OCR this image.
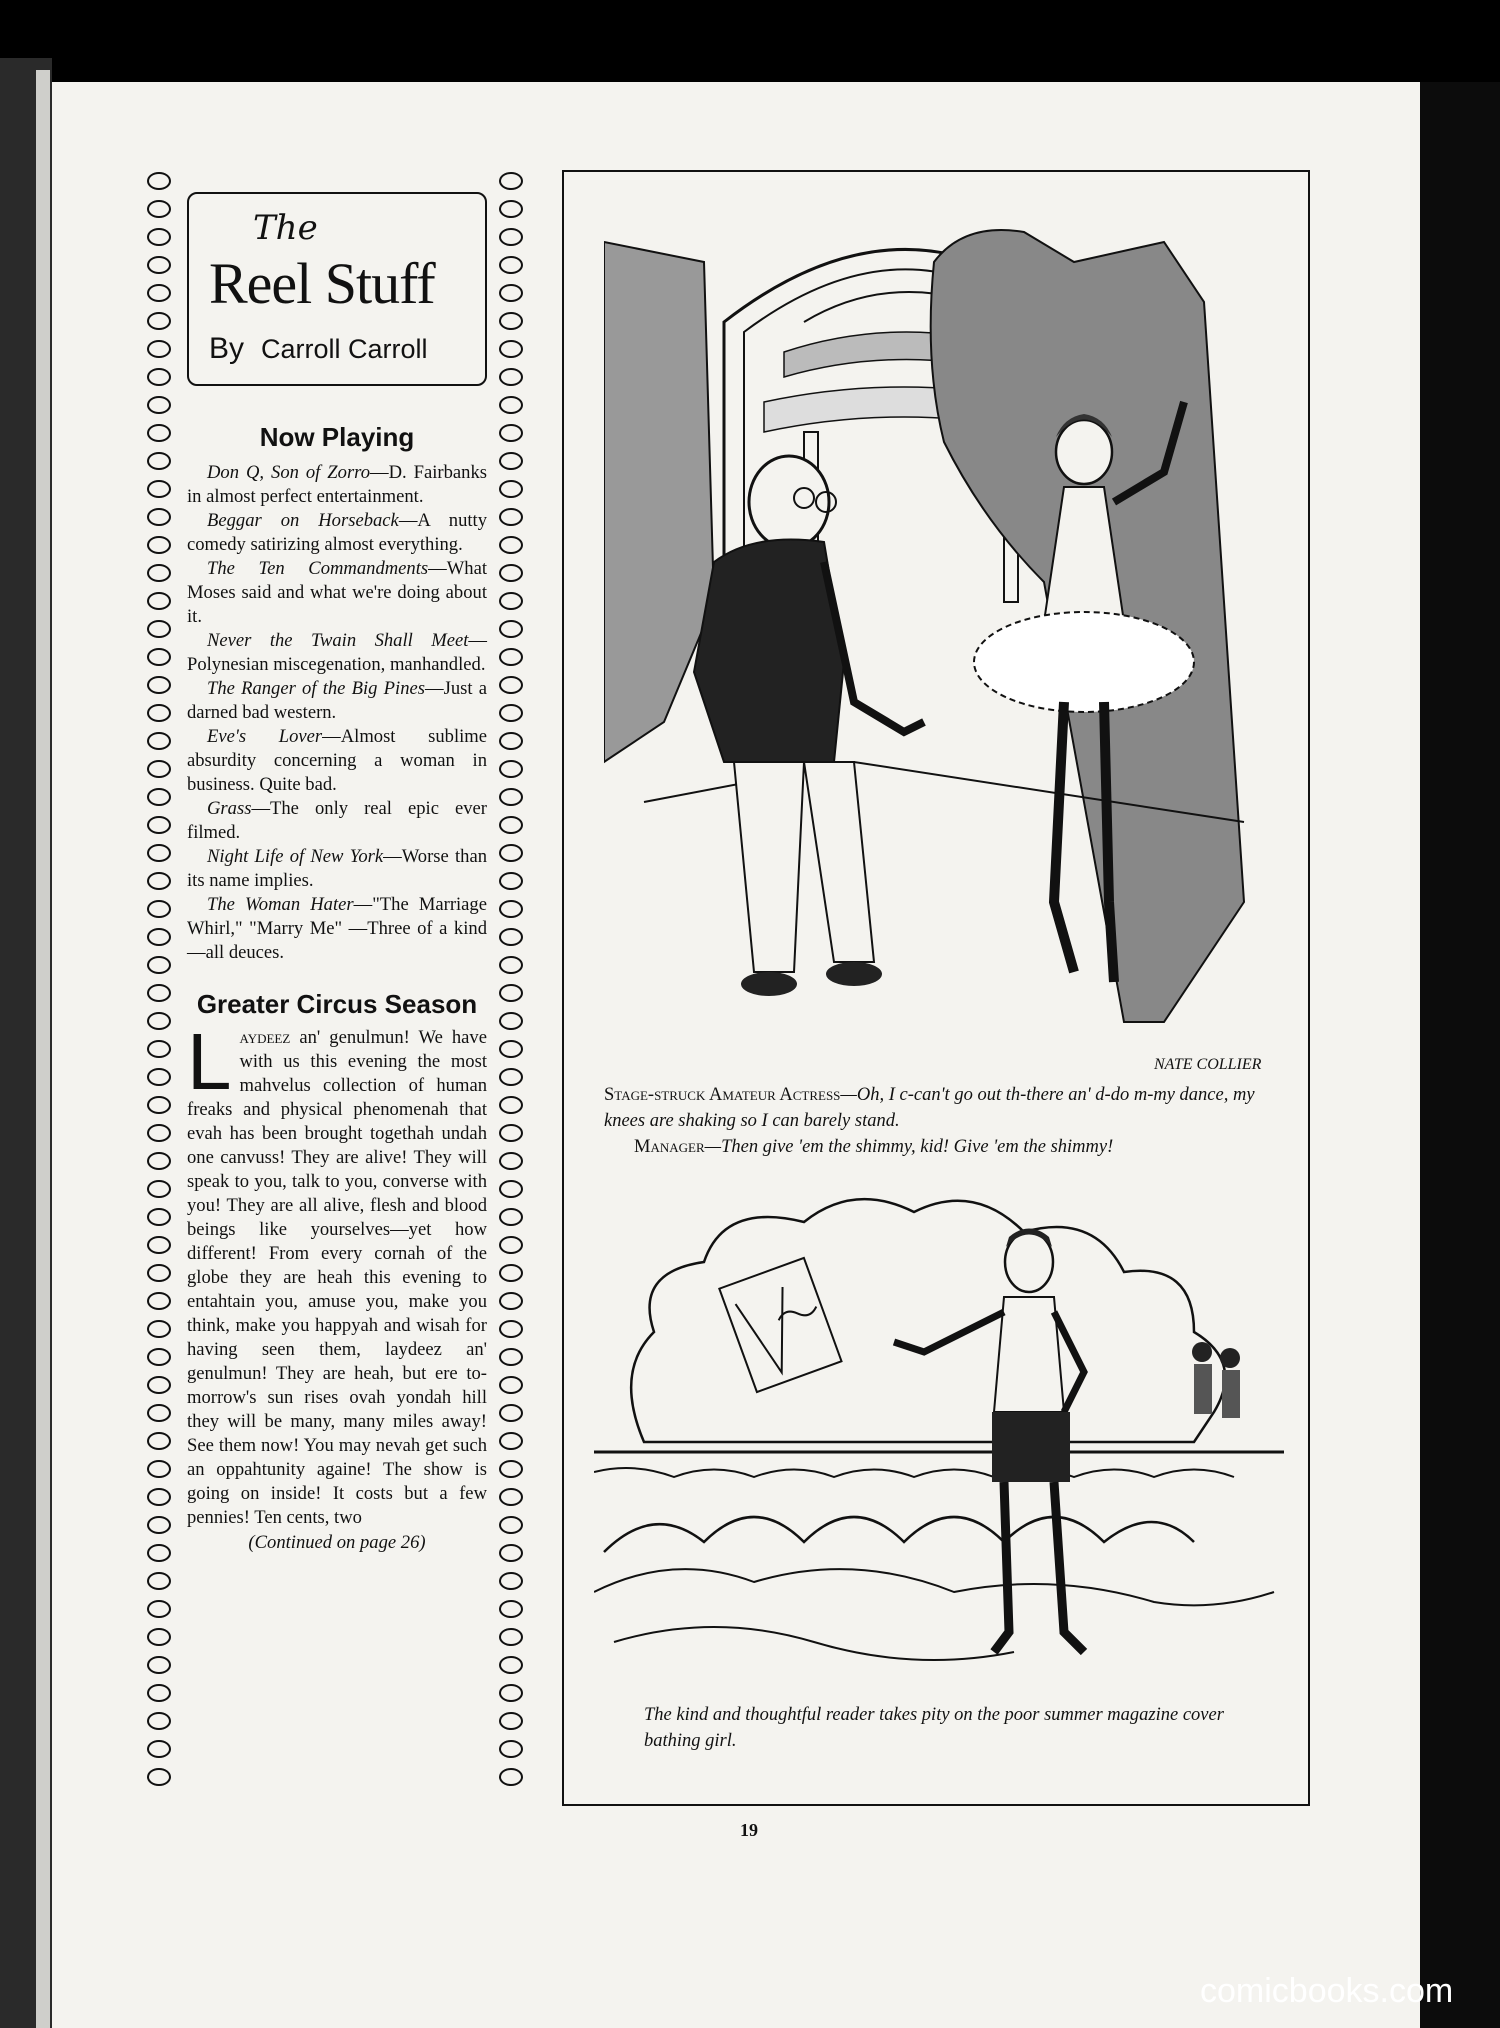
The
Reel Stuff
By Carroll Carroll
Now Playing

Don Q, Son of Zorro—D. Fairbanks in almost perfect entertainment.

Beggar on Horseback—A nutty comedy satirizing almost everything.

The Ten Commandments—What Moses said and what we're doing about it.

Never the Twain Shall Meet—Polynesian miscegenation, manhandled.

The Ranger of the Big Pines—Just a darned bad western.

Eve's Lover—Almost sublime absurdity concerning a woman in business. Quite bad.

Grass—The only real epic ever filmed.

Night Life of New York—Worse than its name implies.

The Woman Hater—"The Marriage Whirl," "Marry Me" —Three of a kind—all deuces.

Greater Circus Season
Laydeez an' genulmun! We have with us this evening the most mahvelus collection of human freaks and physical phenomenah that evah has been brought togethah undah one canvuss! They are alive! They will speak to you, talk to you, converse with you! They are all alive, flesh and blood beings like yourselves—yet how different! From every cornah of the globe they are heah this evening to entahtain you, amuse you, make you think, make you happyah and wisah for having seen them, laydeez an' genulmun! They are heah, but ere to-morrow's sun rises ovah yondah hill they will be many, many miles away! See them now! You may nevah get such an oppahtunity againe! The show is going on inside! It costs but a few pennies! Ten cents, two
(Continued on page 26)
NATE COLLIER
Stage-struck Amateur Actress—Oh, I c-can't go out th-there an' d-do m-my dance, my knees are shaking so I can barely stand.
Manager—Then give 'em the shimmy, kid! Give 'em the shimmy!
The kind and thoughtful reader takes pity on the poor summer magazine cover bathing girl.
19
comicbooks.com
